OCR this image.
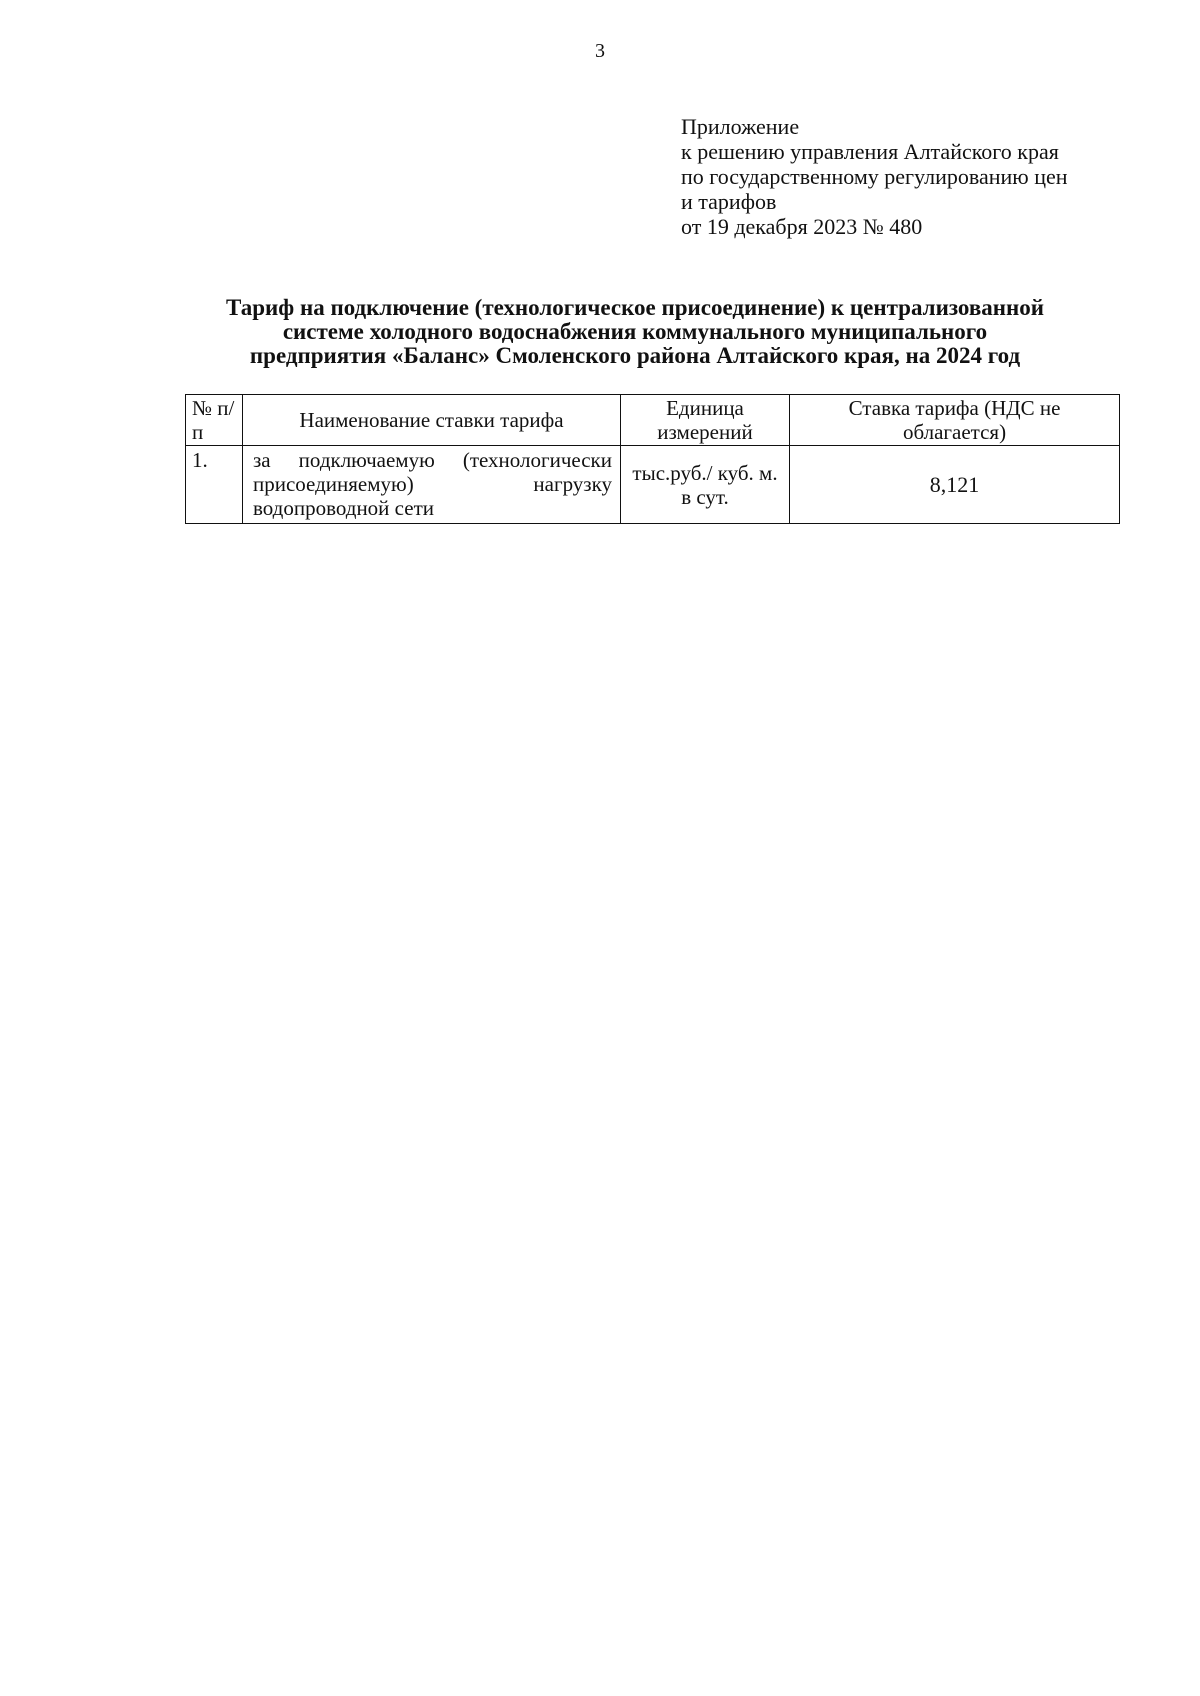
3
Приложение
к решению управления Алтайского края
по государственному регулированию цен
и тарифов
от 19 декабря 2023 № 480
Тариф на подключение (технологическое присоединение) к централизованной
системе холодного водоснабжения коммунального муниципального
предприятия «Баланс» Смоленского района Алтайского края, на 2024 год
№ п/п	Наименование ставки тарифа	Единица измерений	Ставка тарифа (НДС не облагается)
1.	за подключаемую (технологически присоединяемую) нагрузку водопроводной сети	тыс.руб./ куб. м. в сут.	8,121
